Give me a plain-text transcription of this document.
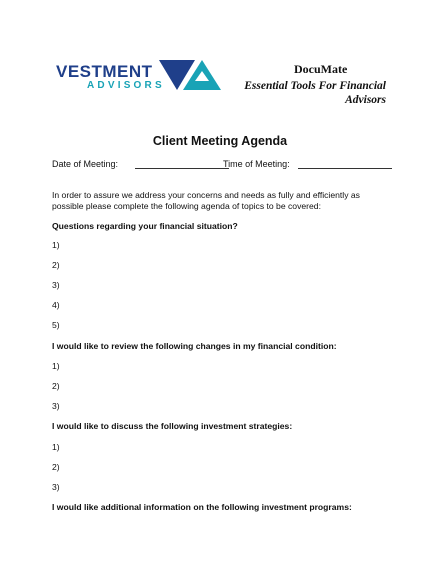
VESTMENT
ADVISORS
DocuMate
Essential Tools For Financial
Advisors
Client Meeting Agenda
Date of Meeting:	Time of Meeting:
In order to assure we address your concerns and needs as fully and efficiently as possible please complete the following agenda of topics to be covered:
Questions regarding your financial situation?
1)
2)
3)
4)
5)
I would like to review the following changes in my financial condition:
1)
2)
3)
I would like to discuss the following investment strategies:
1)
2)
3)
I would like additional information on the following investment programs:
